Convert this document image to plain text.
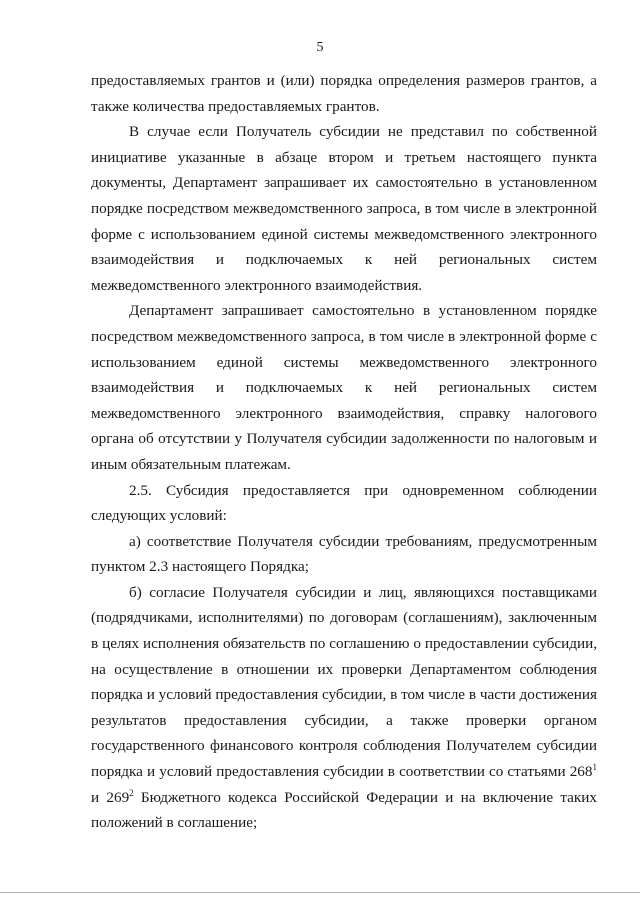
5

предоставляемых грантов и (или) порядка определения размеров грантов, а также количества предоставляемых грантов.

В случае если Получатель субсидии не представил по собственной инициативе указанные в абзаце втором и третьем настоящего пункта документы, Департамент запрашивает их самостоятельно в установленном порядке посредством межведомственного запроса, в том числе в электронной форме с использованием единой системы межведомственного электронного взаимодействия и подключаемых к ней региональных систем межведомственного электронного взаимодействия.

Департамент запрашивает самостоятельно в установленном порядке посредством межведомственного запроса, в том числе в электронной форме с использованием единой системы межведомственного электронного взаимодействия и подключаемых к ней региональных систем межведомственного электронного взаимодействия, справку налогового органа об отсутствии у Получателя субсидии задолженности по налоговым и иным обязательным платежам.

2.5. Субсидия предоставляется при одновременном соблюдении следующих условий:

а) соответствие Получателя субсидии требованиям, предусмотренным пунктом 2.3 настоящего Порядка;

б) согласие Получателя субсидии и лиц, являющихся поставщиками (подрядчиками, исполнителями) по договорам (соглашениям), заключенным в целях исполнения обязательств по соглашению о предоставлении субсидии, на осуществление в отношении их проверки Департаментом соблюдения порядка и условий предоставления субсидии, в том числе в части достижения результатов предоставления субсидии, а также проверки органом государственного финансового контроля соблюдения Получателем субсидии порядка и условий предоставления субсидии в соответствии со статьями $268^1$ и $269^2$ Бюджетного кодекса Российской Федерации и на включение таких положений в соглашение;
